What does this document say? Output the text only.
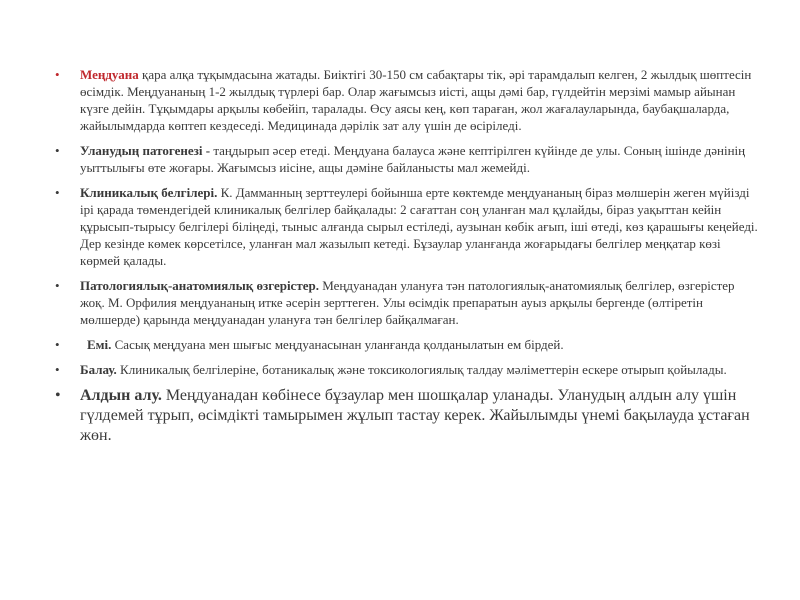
• Меңдуана қара алқа тұқымдасына жатады. Биіктігі 30-150 см сабақтары тік, әрі тарамдалып келген, 2 жылдық шөптесін өсімдік. Меңдуананың 1-2 жылдық түрлері бар. Олар жағымсыз иісті, ащы дәмі бар, гүлдейтін мерзімі мамыр айынан күзге дейін. Тұқымдары арқылы көбейіп, таралады. Өсу аясы кең, көп тараған, жол жағалауларында, баубақшаларда, жайылымдарда көптеп кездеседі. Медицинада дәрілік зат алу үшін де өсіріледі.
• Уланудың патогенезі - таңдырып әсер етеді. Меңдуана балауса және кептірілген күйінде де улы. Соның ішінде дәнінің уыттылығы өте жоғары. Жағымсыз иісіне, ащы дәміне байланысты мал жемейді.
• Клиникалық белгілері. К. Дамманның зерттеулері бойынша ерте көктемде меңдуананың біраз мөлшерін жеген мүйізді ірі қарада төмендегідей клиникалық белгілер байқалады: 2 сағаттан соң уланған мал құлайды, біраз уақыттан кейін құрысып-тырысу белгілері біліңеді, тыныс алғанда сырыл естіледі, аузынан көбік ағып, іші өтеді, көз қарашығы кеңейеді. Дер кезінде көмек көрсетілсе, уланған мал жазылып кетеді. Бұзаулар уланғанда жоғарыдағы белгілер меңқатар көзі көрмей қалады.
• Патологиялық-анатомиялық өзгерістер. Меңдуанадан улануға тән патологиялық-анатомиялық белгілер, өзгерістер жоқ. М. Орфилия меңдуананың итке әсерін зерттеген. Улы өсімдік препаратын ауыз арқылы бергенде (өлтіретін мөлшерде) қарында меңдуанадан улануға тән белгілер байқалмаған.
• Емі. Сасық меңдуана мен шығыс меңдуанасынан уланғанда қолданылатын ем бірдей.
• Балау. Клиникалық белгілеріне, ботаникалық және токсикологиялық талдау мәліметтерін ескере отырып қойылады.
• Алдын алу. Меңдуанадан көбінесе бұзаулар мен шошқалар уланады. Уланудың алдын алу үшін гүлдемей тұрып, өсімдікті тамырымен жұлып тастау керек. Жайылымды үнемі бақылауда ұстаған жөн.
